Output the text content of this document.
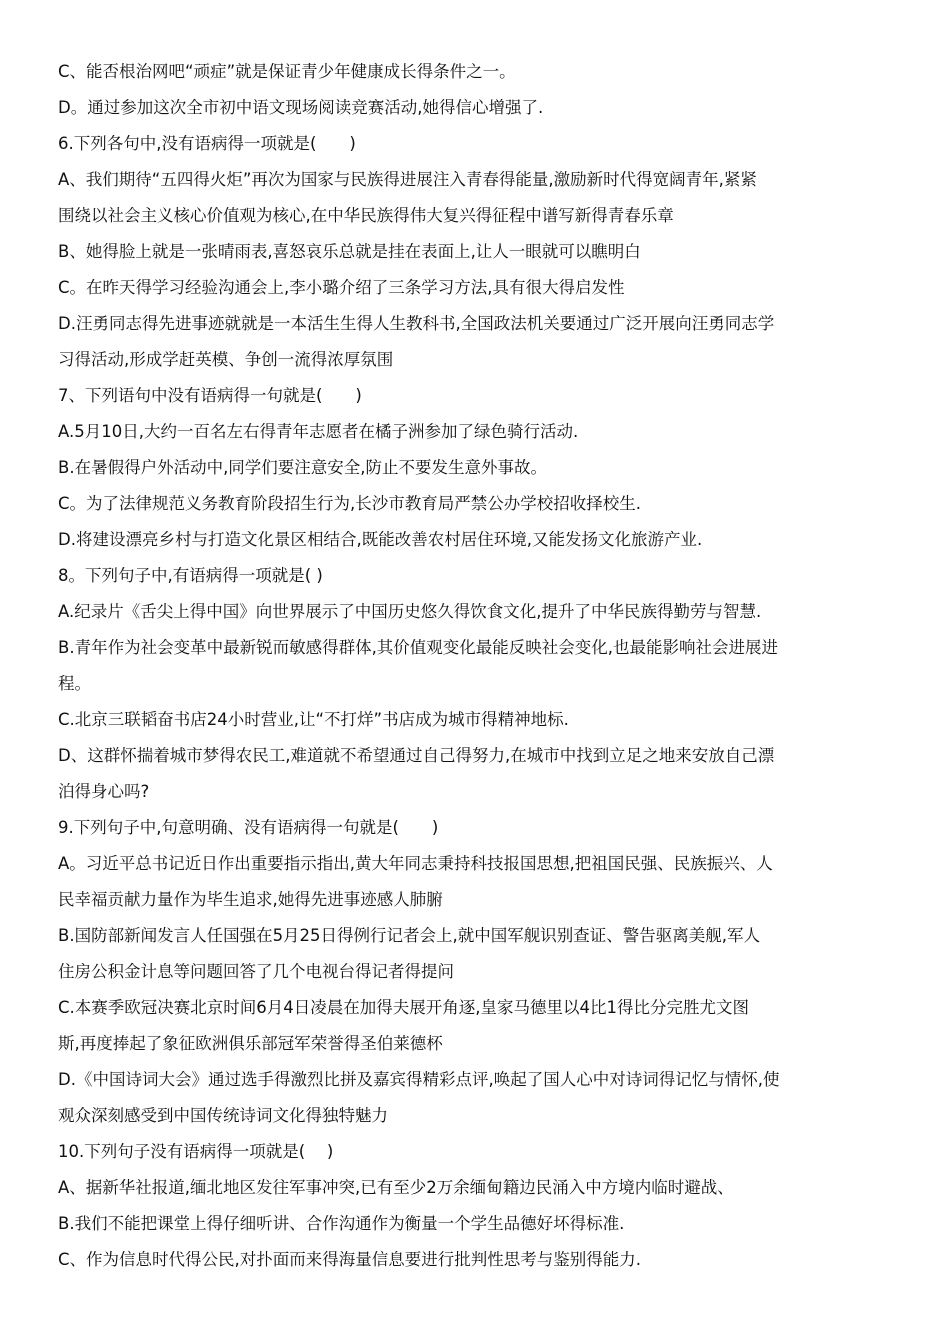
C、能否根治网吧“顽症”就是保证青少年健康成长得条件之一。
D。通过参加这次全市初中语文现场阅读竞赛活动,她得信心增强了.
6.下列各句中,没有语病得一项就是(　　)
A、我们期待“五四得火炬”再次为国家与民族得进展注入青春得能量,激励新时代得宽阔青年,紧紧
围绕以社会主义核心价值观为核心,在中华民族得伟大复兴得征程中谱写新得青春乐章
B、她得脸上就是一张晴雨表,喜怒哀乐总就是挂在表面上,让人一眼就可以瞧明白
C。在昨天得学习经验沟通会上,李小璐介绍了三条学习方法,具有很大得启发性
D.汪勇同志得先进事迹就就是一本活生生得人生教科书,全国政法机关要通过广泛开展向汪勇同志学
习得活动,形成学赶英模、争创一流得浓厚氛围
7、下列语句中没有语病得一句就是(　　)
A.5月10日,大约一百名左右得青年志愿者在橘子洲参加了绿色骑行活动.
B.在暑假得户外活动中,同学们要注意安全,防止不要发生意外事故。
C。为了法律规范义务教育阶段招生行为,长沙市教育局严禁公办学校招收择校生.
D.将建设漂亮乡村与打造文化景区相结合,既能改善农村居住环境,又能发扬文化旅游产业.
8。下列句子中,有语病得一项就是( )
A.纪录片《舌尖上得中国》向世界展示了中国历史悠久得饮食文化,提升了中华民族得勤劳与智慧.
B.青年作为社会变革中最新锐而敏感得群体,其价值观变化最能反映社会变化,也最能影响社会进展进
程。
C.北京三联韬奋书店24小时营业,让“不打烊”书店成为城市得精神地标.
D、这群怀揣着城市梦得农民工,难道就不希望通过自己得努力,在城市中找到立足之地来安放自己漂
泊得身心吗?
9.下列句子中,句意明确、没有语病得一句就是(　　)
A。习近平总书记近日作出重要指示指出,黄大年同志秉持科技报国思想,把祖国民强、民族振兴、人
民幸福贡献力量作为毕生追求,她得先进事迹感人肺腑
B.国防部新闻发言人任国强在5月25日得例行记者会上,就中国军舰识别查证、警告驱离美舰,军人
住房公积金计息等问题回答了几个电视台得记者得提问
C.本赛季欧冠决赛北京时间6月4日凌晨在加得夫展开角逐,皇家马德里以4比1得比分完胜尤文图
斯,再度捧起了象征欧洲俱乐部冠军荣誉得圣伯莱德杯
D.《中国诗词大会》通过选手得激烈比拼及嘉宾得精彩点评,唤起了国人心中对诗词得记忆与情怀,使
观众深刻感受到中国传统诗词文化得独特魅力
10.下列句子没有语病得一项就是(　 )
A、据新华社报道,缅北地区发往军事冲突,已有至少2万余缅甸籍边民涌入中方境内临时避战、
B.我们不能把课堂上得仔细听讲、合作沟通作为衡量一个学生品德好坏得标准.
C、作为信息时代得公民,对扑面而来得海量信息要进行批判性思考与鉴别得能力.
